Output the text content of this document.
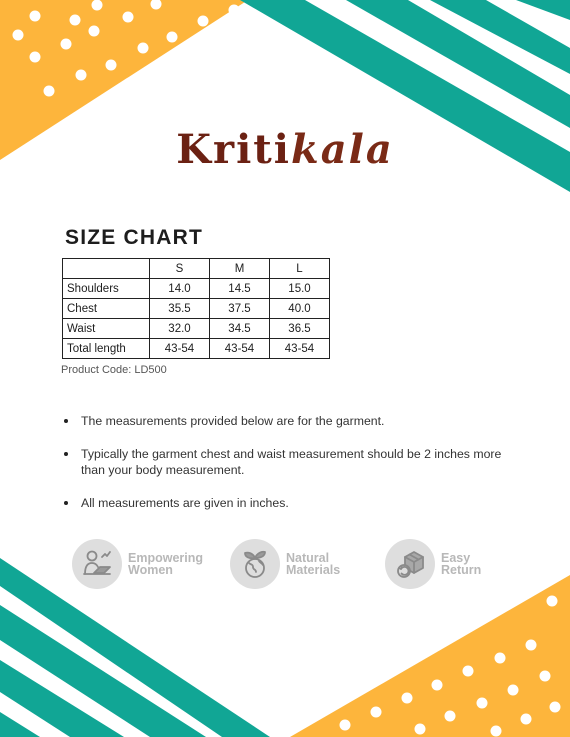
Kritikala
SIZE CHART
	S	M	L
Shoulders	14.0	14.5	15.0
Chest	35.5	37.5	40.0
Waist	32.0	34.5	36.5
Total length	43-54	43-54	43-54
Product Code: LD500
The measurements provided below are for the garment.
Typically the garment chest and waist measurement should be 2 inches more than your body measurement.
All measurements are given in inches.
Empowering
Women
Natural
Materials
Easy
Return
